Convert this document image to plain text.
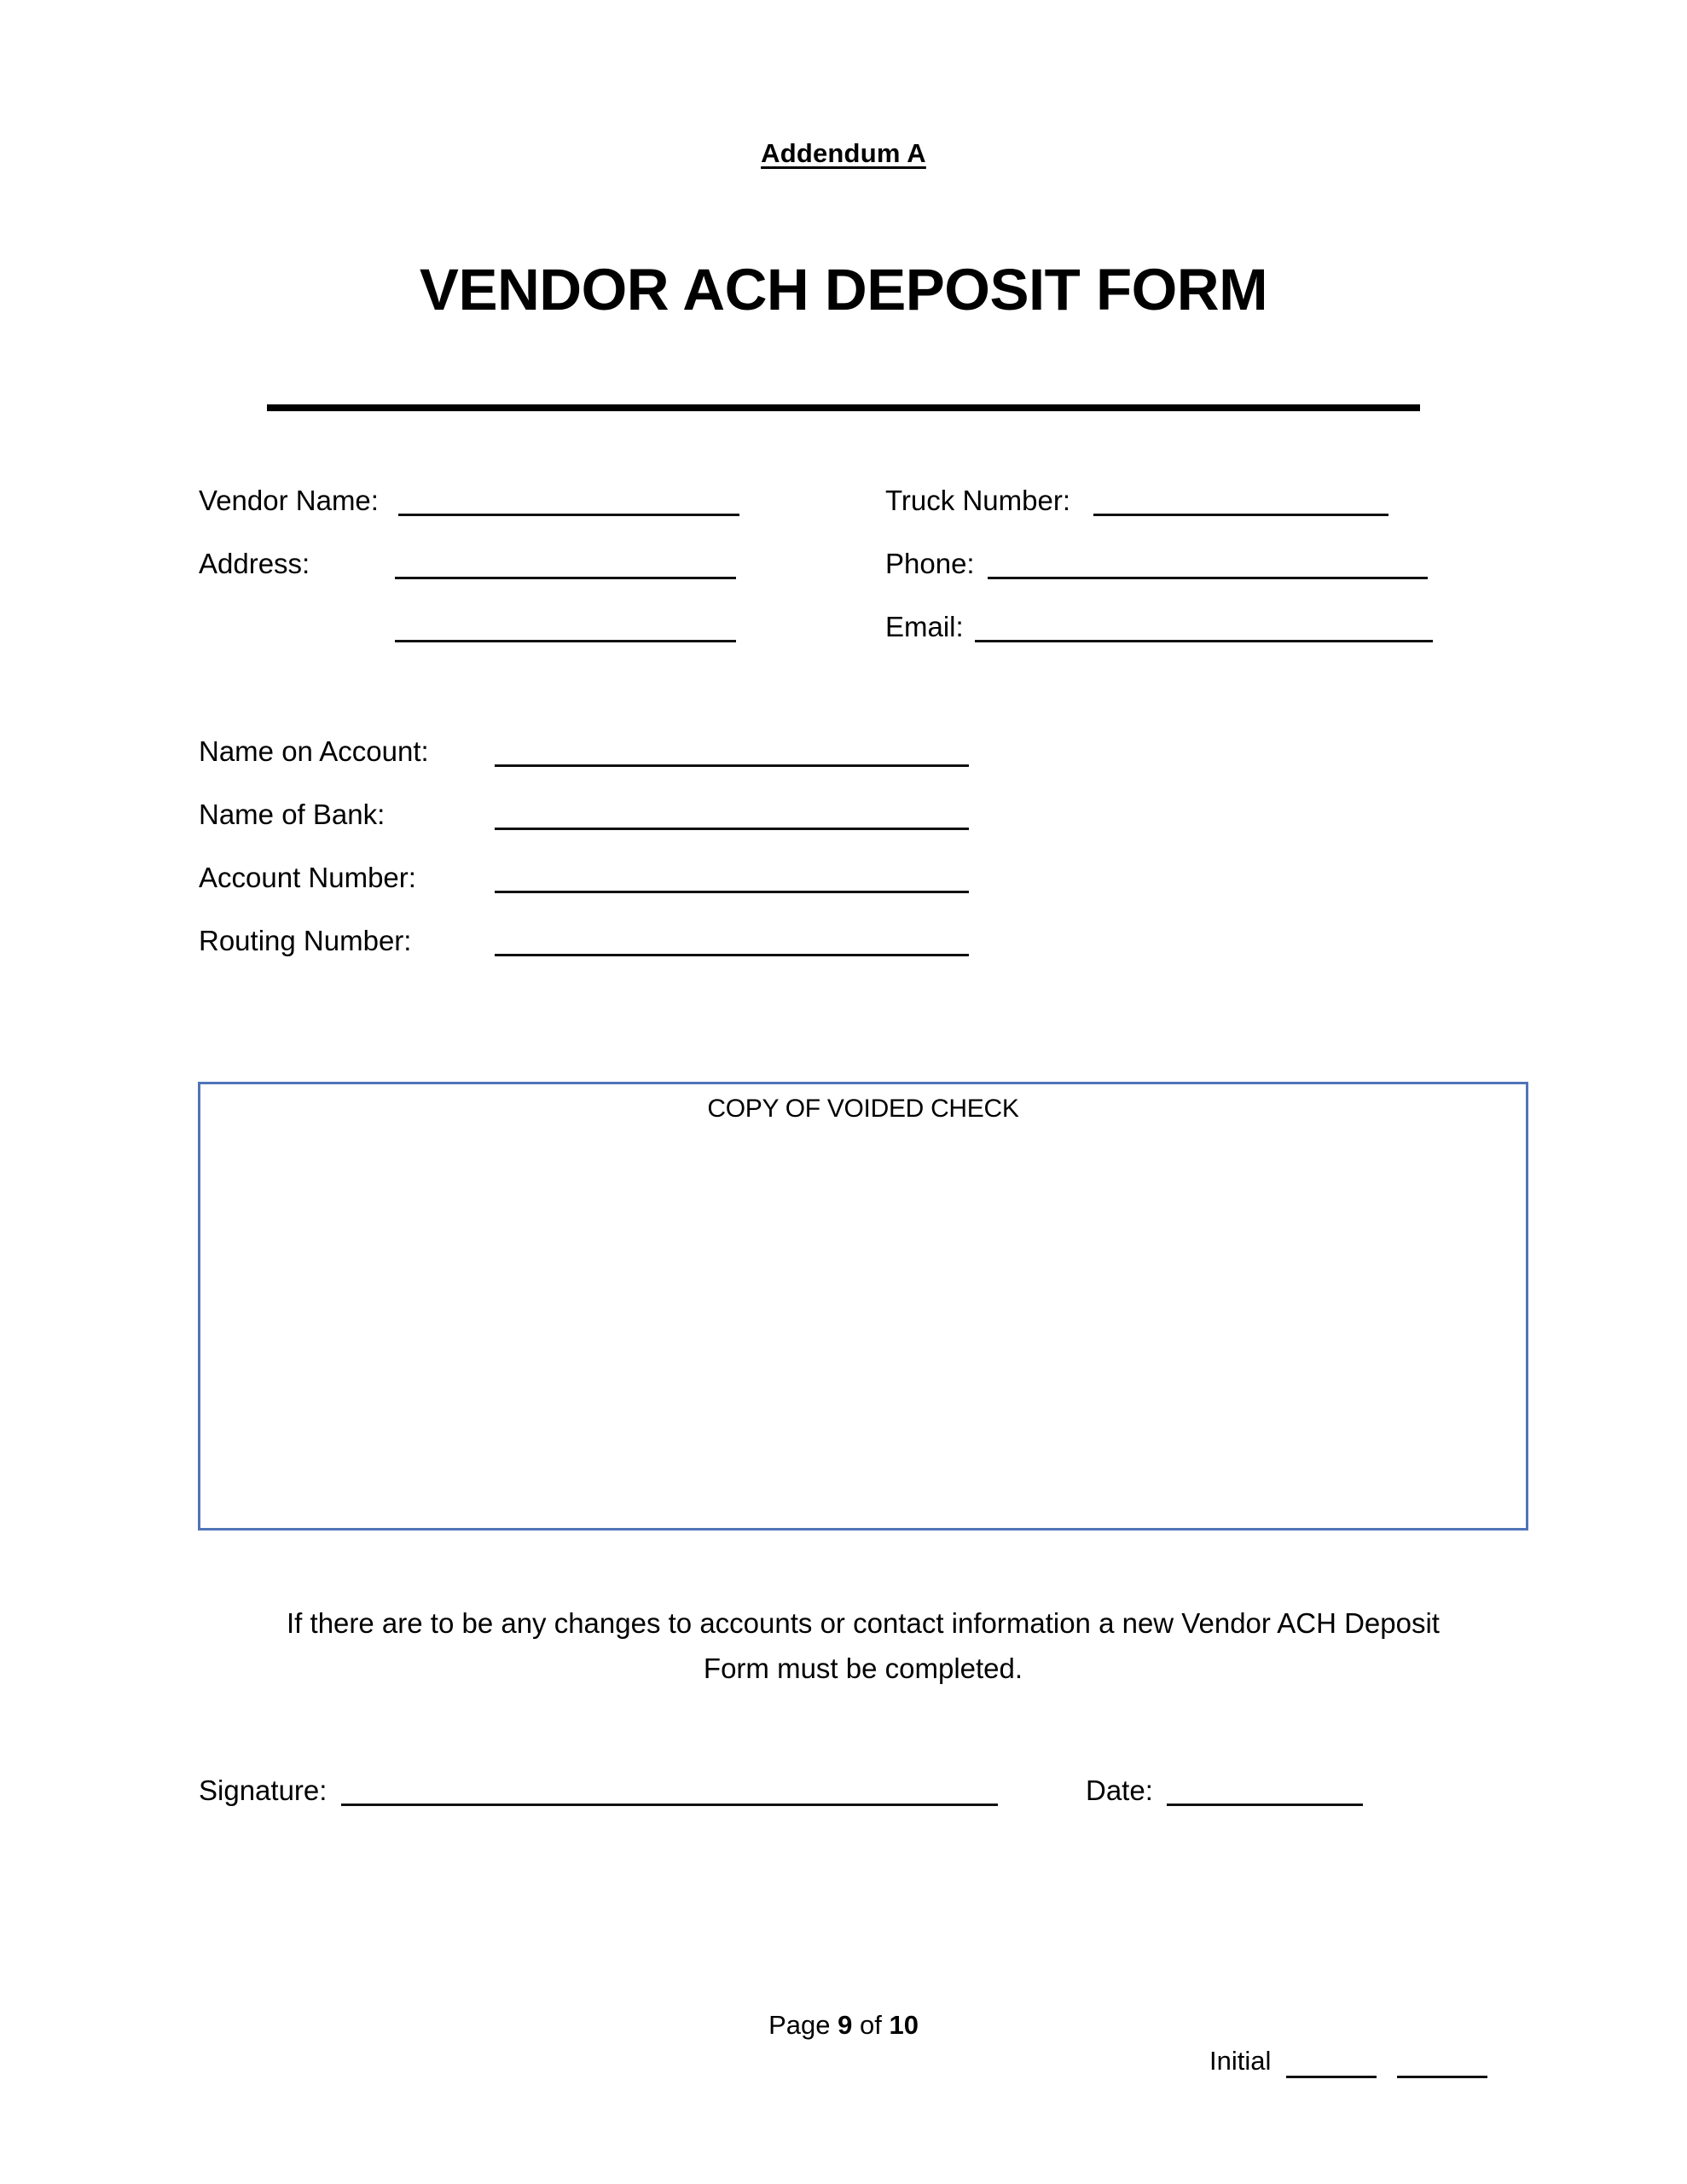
Addendum A
VENDOR ACH DEPOSIT FORM
Vendor Name:
Address:
Truck Number:
Phone:
Email:
Name on Account:
Name of Bank:
Account Number:
Routing Number:
COPY OF VOIDED CHECK
If there are to be any changes to accounts or contact information a new Vendor ACH Deposit
Form must be completed.
Signature:	Date:
Page 9 of 10
Initial
